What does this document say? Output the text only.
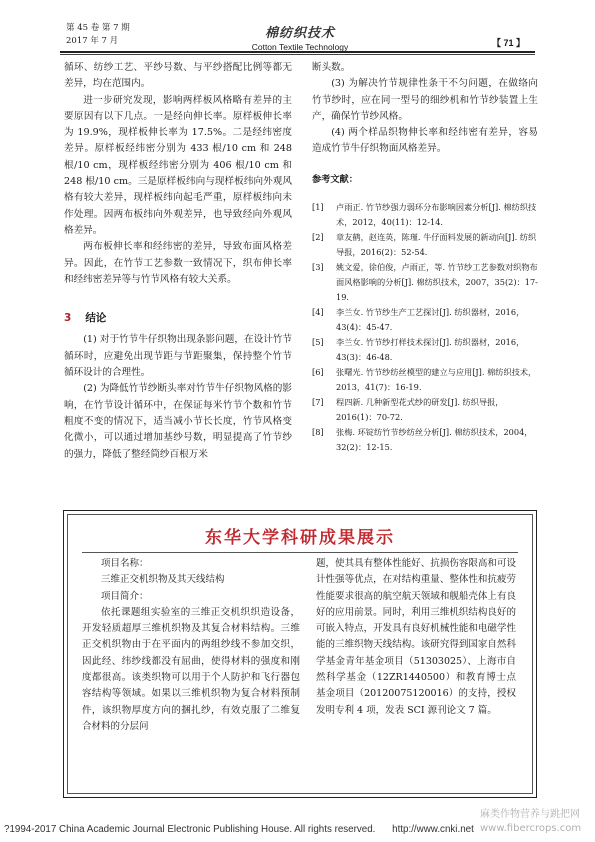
第 45 卷 第 7 期
2017 年 7 月	棉纺织技术
Cotton Textile Technology	【 71 】

循环、纺纱工艺、平纱号数、与平纱搭配比例等都无差异，均在范围内。

进一步研究发现，影响两样板风格略有差异的主要原因有以下几点。一是经向伸长率。原样板伸长率为 19.9%，现样板伸长率为 17.5%。二是经纬密度差异。原样板经纬密分别为 433 根/10 cm 和 248 根/10 cm，现样板经纬密分别为 406 根/10 cm 和 248 根/10 cm。三是原样板纬向与现样板纬向外观风格有较大差异，现样板纬向起毛严重，原样板纬向未作处理。因两布板纬向外观差异，也导致经向外观风格差异。

两布板伸长率和经纬密的差异，导致布面风格差异。因此，在竹节工艺参数一致情况下，织布伸长率和经纬密差异等与竹节风格有较大关系。

3 结论

(1) 对于竹节牛仔织物出现条影问题，在设计竹节循环时，应避免出现节距与节距聚集，保持整个竹节循环设计的合理性。

(2) 为降低竹节纱断头率对竹节牛仔织物风格的影响，在竹节设计循环中，在保证每米竹节个数和竹节粗度不变的情况下，适当减小节长长度，竹节风格变化微小，可以通过增加基纱号数，明显提高了竹节纱的强力，降低了整经筒纱百根万米

断头数。

(3) 为解决竹节规律性条干不匀问题，在做络向竹节纱时，应在同一型号的细纱机和竹节纱装置上生产，确保竹节纱风格。

(4) 两个样品织物伸长率和经纬密有差异，容易造成竹节牛仔织物面风格差异。

参考文献：

[1]	卢雨正. 竹节纱强力弱环分布影响因素分析[J]. 棉纺织技术，2012，40(11)：12-14.
[2]	章友鹤，赵连英，陈瑾. 牛仔面料发展的新动向[J]. 纺织导报，2016(2)：52-54.
[3]	姚文爱，徐伯俊，卢雨正，等. 竹节纱工艺参数对织物布面风格影响的分析[J]. 棉纺织技术，2007，35(2)：17-19.
[4]	李兰女. 竹节纱生产工艺探讨[J]. 纺织器材，2016，43(4)：45-47.
[5]	李兰女. 竹节纱打样技术探讨[J]. 纺织器材，2016，43(3)：46-48.
[6]	张曙光. 竹节纱纺丝模型的建立与应用[J]. 棉纺织技术，2013，41(7)：16-19.
[7]	程四新. 几种新型花式纱的研发[J]. 纺织导报，2016(1)：70-72.
[8]	张梅. 环锭纺竹节纱纺丝分析[J]. 棉纺织技术，2004，32(2)：12-15.
东华大学科研成果展示

项目名称：

三维正交机织物及其天线结构

项目简介：

依托课题组实验室的三维正交机织织造设备，开发轻质超厚三维机织物及其复合材料结构。三维正交机织物由于在平面内的两组纱线不参加交织，因此经、纬纱线都没有屈曲，使得材料的强度和刚度都很高。该类织物可以用于个人防护和飞行器包容结构等领域。如果以三维机织物为复合材料预制件，该织物厚度方向的捆扎纱，有效克服了二维复合材料的分层问

题，使其具有整体性能好、抗损伤容限高和可设计性强等优点，在对结构重量、整体性和抗疲劳性能要求很高的航空航天领域和舰船壳体上有良好的应用前景。同时，利用三维机织结构良好的可嵌入特点，开发具有良好机械性能和电磁学性能的三维织物天线结构。该研究得到国家自然科学基金青年基金项目（51303025）、上海市自然科学基金（12ZR1440500）和教育博士点基金项目（20120075120016）的支持，授权发明专利 4 项，发表 SCI 源刊论文 7 篇。

麻类作物营养与跳把网
www.fibercrops.com
?1994-2017 China Academic Journal Electronic Publishing House. All rights reserved. http://www.cnki.net
